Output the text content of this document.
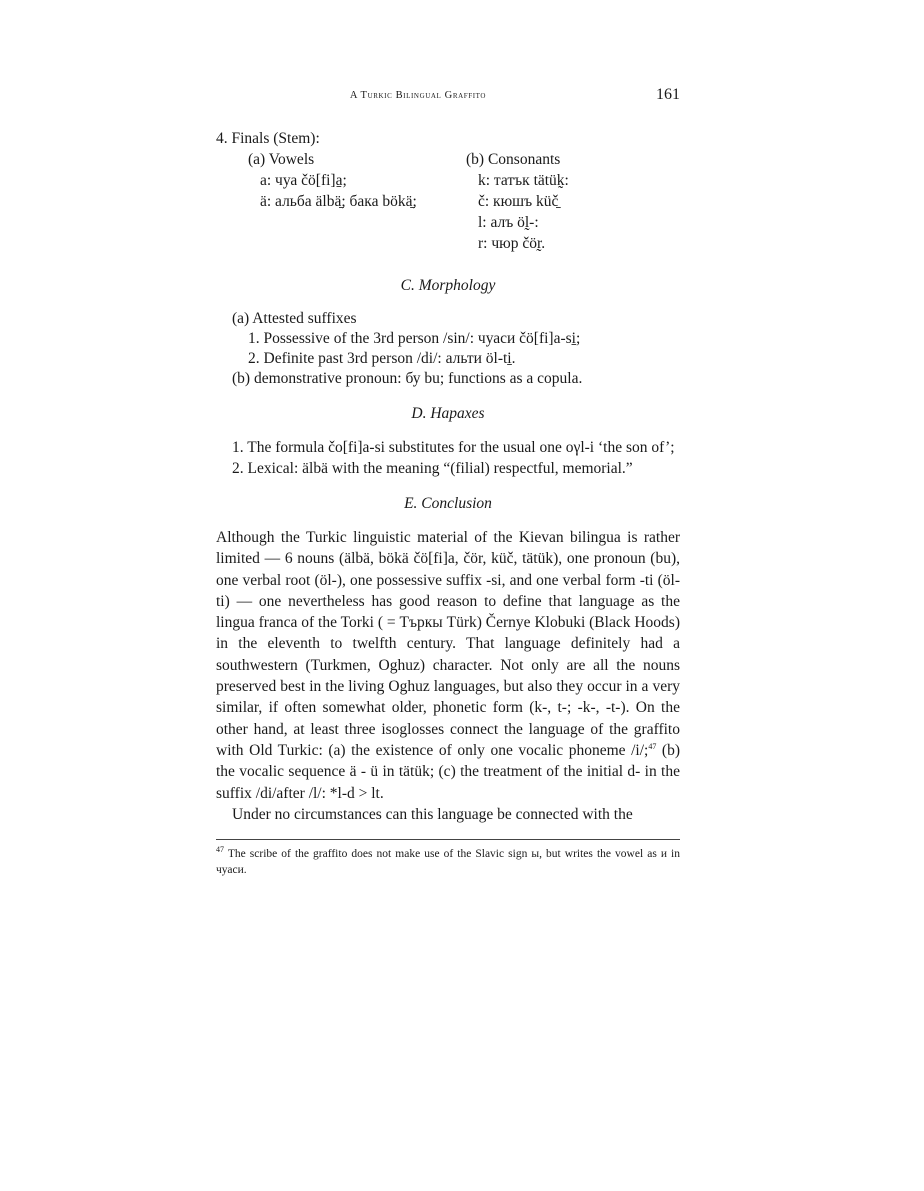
A Turkic Bilingual Graffito	161
4. Finals (Stem):
(a) Vowels
a: чуа čö[fi]a̱;
ä: альба älbä̱; бака bökä̱;
(b) Consonants
k: татък tätük̰:
č: кюшъ küč̱
l: алъ öl̰-:
r: чюр čör̰.
C. Morphology
(a) Attested suffixes
1. Possessive of the 3rd person /sin/: чуаси čö[fi]a-si̱;
2. Definite past 3rd person /di/: альти öl-ti̱.
(b) demonstrative pronoun: бу bu; functions as a copula.
D. Hapaxes

1. The formula čo[fi]a-si substitutes for the usual one oγl-i ‘the son of’;

2. Lexical: älbä with the meaning “(filial) respectful, memorial.”

E. Conclusion

Although the Turkic linguistic material of the Kievan bilingua is rather limited — 6 nouns (älbä, bökä čö[fi]a, čör, küč, tätük), one pronoun (bu), one verbal root (öl-), one possessive suffix -si, and one verbal form -ti (öl-ti) — one nevertheless has good reason to define that language as the lingua franca of the Torki ( = Търкы Türk) Černye Klobuki (Black Hoods) in the eleventh to twelfth century. That language definitely had a southwestern (Turkmen, Oghuz) character. Not only are all the nouns preserved best in the living Oghuz languages, but also they occur in a very similar, if often somewhat older, phonetic form (k-, t-; -k-, -t-). On the other hand, at least three isoglosses connect the language of the graffito with Old Turkic: (a) the existence of only one vocalic phoneme /i/;$^{47}$ (b) the vocalic sequence ä - ü in tätük; (c) the treatment of the initial d- in the suffix /di/after /l/: *l-d > lt.

Under no circumstances can this language be connected with the

$^{47}$ The scribe of the graffito does not make use of the Slavic sign ы, but writes the vowel as и in чуаси.
